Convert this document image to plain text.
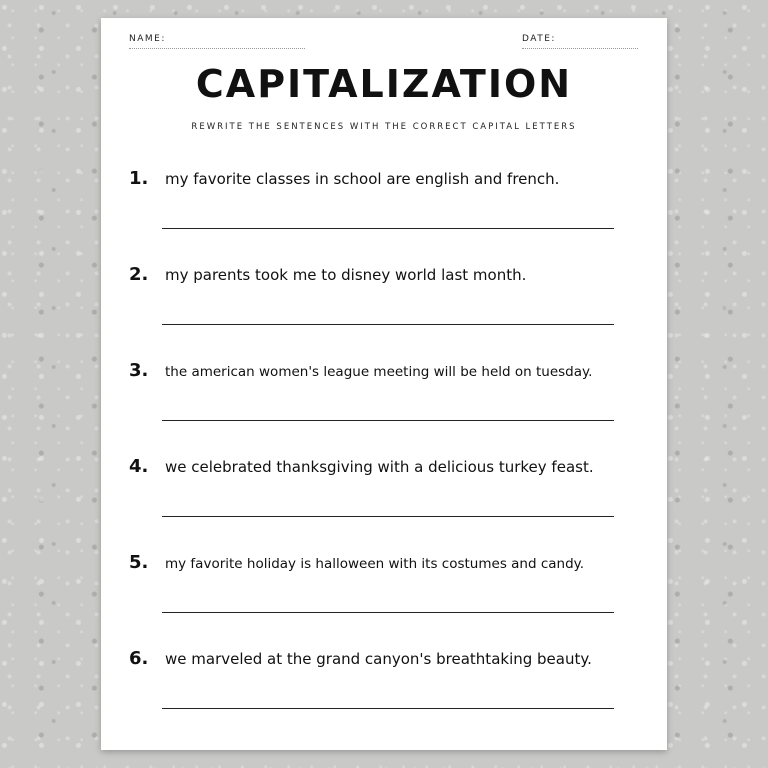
NAME:	DATE:
CAPITALIZATION
REWRITE THE SENTENCES WITH THE CORRECT CAPITAL LETTERS
1. my favorite classes in school are english and french.
2. my parents took me to disney world last month.
3. the american women's league meeting will be held on tuesday.
4. we celebrated thanksgiving with a delicious turkey feast.
5. my favorite holiday is halloween with its costumes and candy.
6. we marveled at the grand canyon's breathtaking beauty.
